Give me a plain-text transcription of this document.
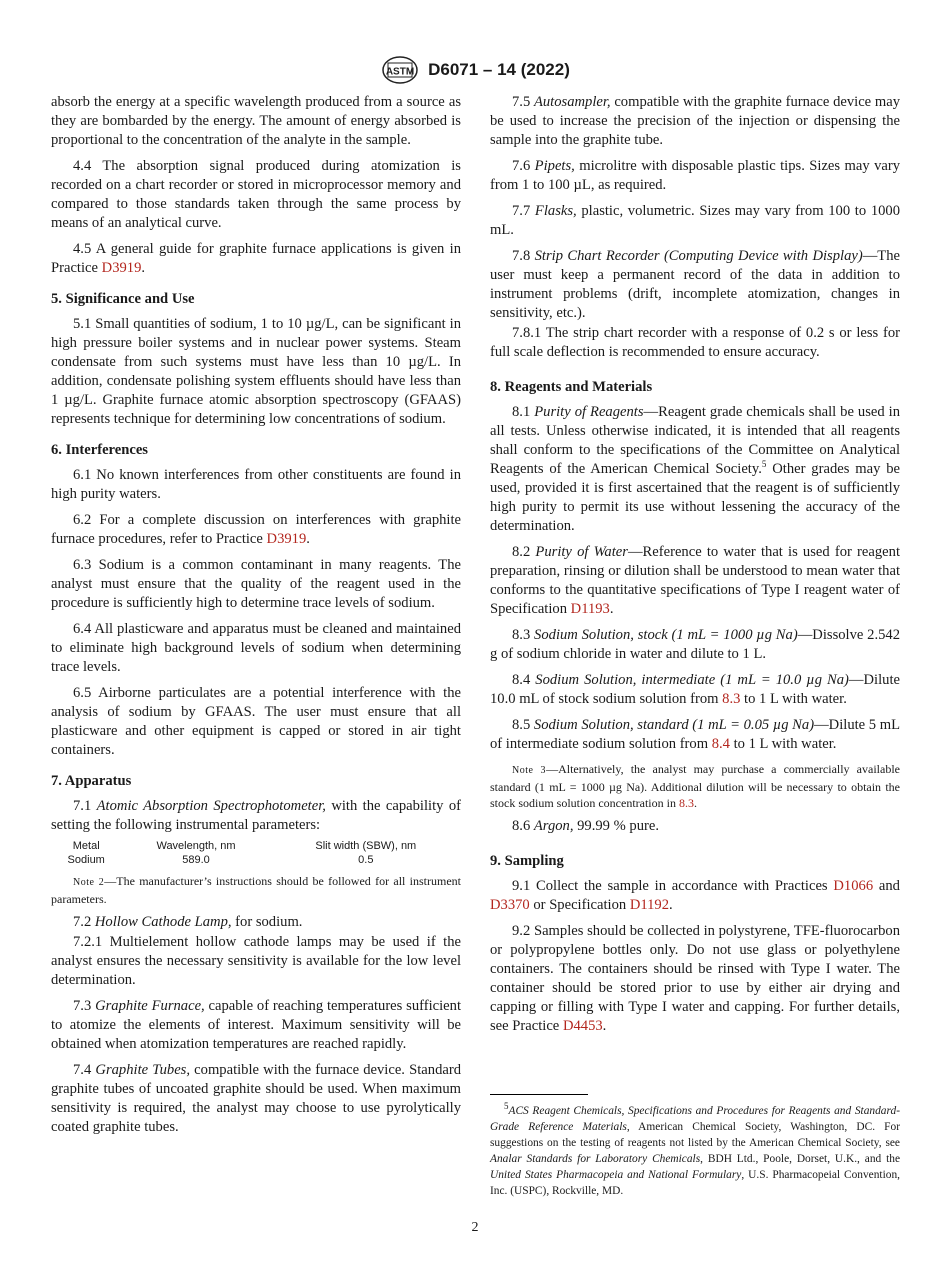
ASTM D6071 – 14 (2022)

absorb the energy at a specific wavelength produced from a source as they are bombarded by the energy. The amount of energy absorbed is proportional to the concentration of the analyte in the sample.

4.4 The absorption signal produced during atomization is recorded on a chart recorder or stored in microprocessor memory and compared to those standards taken through the same process by means of an analytical curve.

4.5 A general guide for graphite furnace applications is given in Practice D3919.

5. Significance and Use

5.1 Small quantities of sodium, 1 to 10 µg/L, can be significant in high pressure boiler systems and in nuclear power systems. Steam condensate from such systems must have less than 10 µg/L. In addition, condensate polishing system effluents should have less than 1 µg/L. Graphite furnace atomic absorption spectroscopy (GFAAS) represents technique for determining low concentrations of sodium.

6. Interferences

6.1 No known interferences from other constituents are found in high purity waters.

6.2 For a complete discussion on interferences with graphite furnace procedures, refer to Practice D3919.

6.3 Sodium is a common contaminant in many reagents. The analyst must ensure that the quality of the reagent used in the procedure is sufficiently high to determine trace levels of sodium.

6.4 All plasticware and apparatus must be cleaned and maintained to eliminate high background levels of sodium when determining trace levels.

6.5 Airborne particulates are a potential interference with the analysis of sodium by GFAAS. The user must ensure that all plasticware and other equipment is capped or stored in air tight containers.

7. Apparatus

7.1 Atomic Absorption Spectrophotometer, with the capability of setting the following instrumental parameters:

Metal	Wavelength, nm	Slit width (SBW), nm
Sodium	589.0	0.5

Note 2—The manufacturer’s instructions should be followed for all instrument parameters.

7.2 Hollow Cathode Lamp, for sodium.

7.2.1 Multielement hollow cathode lamps may be used if the analyst ensures the necessary sensitivity is available for the low level determination.

7.3 Graphite Furnace, capable of reaching temperatures sufficient to atomize the elements of interest. Maximum sensitivity will be obtained when atomization temperatures are reached rapidly.

7.4 Graphite Tubes, compatible with the furnace device. Standard graphite tubes of uncoated graphite should be used. When maximum sensitivity is required, the analyst may choose to use pyrolytically coated graphite tubes.

7.5 Autosampler, compatible with the graphite furnace device may be used to increase the precision of the injection or dispensing the sample into the graphite tube.

7.6 Pipets, microlitre with disposable plastic tips. Sizes may vary from 1 to 100 µL, as required.

7.7 Flasks, plastic, volumetric. Sizes may vary from 100 to 1000 mL.

7.8 Strip Chart Recorder (Computing Device with Display)—The user must keep a permanent record of the data in addition to instrument problems (drift, incomplete atomization, changes in sensitivity, etc.).

7.8.1 The strip chart recorder with a response of 0.2 s or less for full scale deflection is recommended to ensure accuracy.

8. Reagents and Materials

8.1 Purity of Reagents—Reagent grade chemicals shall be used in all tests. Unless otherwise indicated, it is intended that all reagents shall conform to the specifications of the Committee on Analytical Reagents of the American Chemical Society.$^5$ Other grades may be used, provided it is first ascertained that the reagent is of sufficiently high purity to permit its use without lessening the accuracy of the determination.

8.2 Purity of Water—Reference to water that is used for reagent preparation, rinsing or dilution shall be understood to mean water that conforms to the quantitative specifications of Type I reagent water of Specification D1193.

8.3 Sodium Solution, stock (1 mL = 1000 µg Na)—Dissolve 2.542 g of sodium chloride in water and dilute to 1 L.

8.4 Sodium Solution, intermediate (1 mL = 10.0 µg Na)—Dilute 10.0 mL of stock sodium solution from 8.3 to 1 L with water.

8.5 Sodium Solution, standard (1 mL = 0.05 µg Na)—Dilute 5 mL of intermediate sodium solution from 8.4 to 1 L with water.

Note 3—Alternatively, the analyst may purchase a commercially available standard (1 mL = 1000 µg Na). Additional dilution will be necessary to obtain the stock sodium solution concentration in 8.3.

8.6 Argon, 99.99 % pure.

9. Sampling

9.1 Collect the sample in accordance with Practices D1066 and D3370 or Specification D1192.

9.2 Samples should be collected in polystyrene, TFE-fluorocarbon or polypropylene bottles only. Do not use glass or polyethylene containers. The containers should be rinsed with Type I water. The container should be stored prior to use by either air drying and capping or filling with Type I water and capping. For further details, see Practice D4453.

$^5$ACS Reagent Chemicals, Specifications and Procedures for Reagents and Standard-Grade Reference Materials, American Chemical Society, Washington, DC. For suggestions on the testing of reagents not listed by the American Chemical Society, see Analar Standards for Laboratory Chemicals, BDH Ltd., Poole, Dorset, U.K., and the United States Pharmacopeia and National Formulary, U.S. Pharmacopeial Convention, Inc. (USPC), Rockville, MD.
2
